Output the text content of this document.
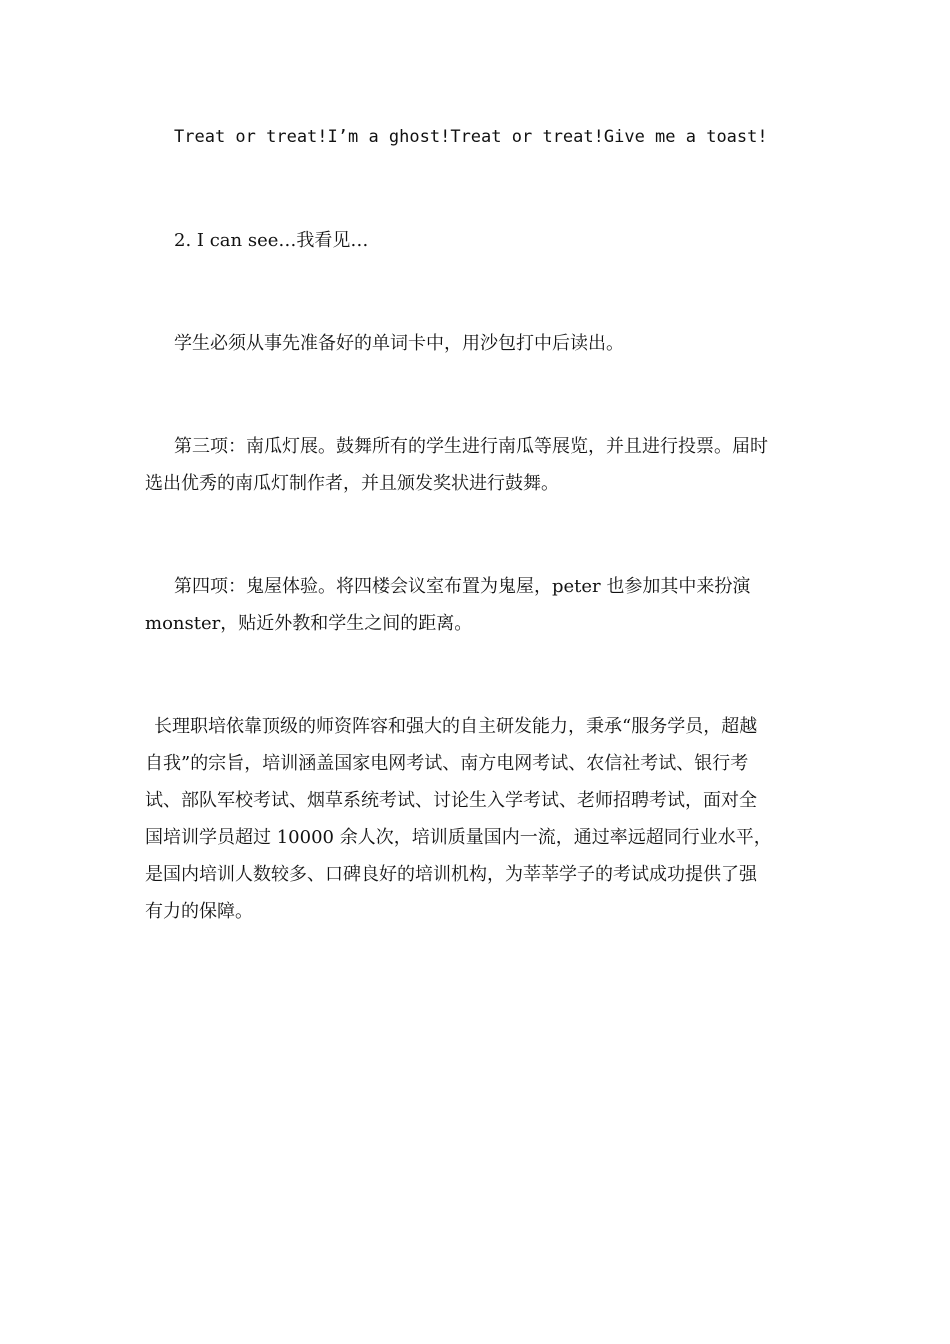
Treat or treat!I’m a ghost!Treat or treat!Give me a toast!

2. I can see…我看见…

学生必须从事先准备好的单词卡中，用沙包打中后读出。

第三项：南瓜灯展。鼓舞所有的学生进行南瓜等展览，并且进行投票。届时
选出优秀的南瓜灯制作者，并且颁发奖状进行鼓舞。
第四项：鬼屋体验。将四楼会议室布置为鬼屋，peter 也参加其中来扮演
monster，贴近外教和学生之间的距离。
长理职培依靠顶级的师资阵容和强大的自主研发能力，秉承“服务学员，超越
自我”的宗旨，培训涵盖国家电网考试、南方电网考试、农信社考试、银行考
试、部队军校考试、烟草系统考试、讨论生入学考试、老师招聘考试，面对全
国培训学员超过 10000 余人次，培训质量国内一流，通过率远超同行业水平，
是国内培训人数较多、口碑良好的培训机构，为莘莘学子的考试成功提供了强
有力的保障。
